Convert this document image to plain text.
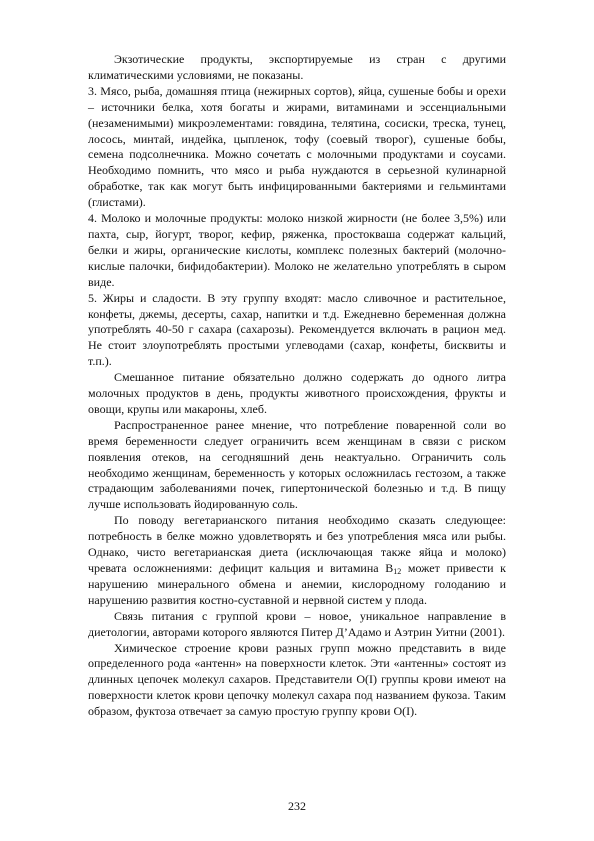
Экзотические продукты, экспортируемые из стран с другими климатическими условиями, не показаны.

3. Мясо, рыба, домашняя птица (нежирных сортов), яйца, сушеные бобы и орехи – источники белка, хотя богаты и жирами, витаминами и эссенциальными (незаменимыми) микроэлементами: говядина, телятина, сосиски, треска, тунец, лосось, минтай, индейка, цыпленок, тофу (соевый творог), сушеные бобы, семена подсолнечника. Можно сочетать с молочными продуктами и соусами. Необходимо помнить, что мясо и рыба нуждаются в серьезной кулинарной обработке, так как могут быть инфицированными бактериями и гельминтами (глистами).

4. Молоко и молочные продукты: молоко низкой жирности (не более 3,5%) или пахта, сыр, йогурт, творог, кефир, ряженка, простокваша содержат кальций, белки и жиры, органические кислоты, комплекс полезных бактерий (молочно-кислые палочки, бифидобактерии). Молоко не желательно употреблять в сыром виде.

5. Жиры и сладости. В эту группу входят: масло сливочное и растительное, конфеты, джемы, десерты, сахар, напитки и т.д. Ежедневно беременная должна употреблять 40-50 г сахара (сахарозы). Рекомендуется включать в рацион мед. Не стоит злоупотреблять простыми углеводами (сахар, конфеты, бисквиты и т.п.).

Смешанное питание обязательно должно содержать до одного литра молочных продуктов в день, продукты животного происхождения, фрукты и овощи, крупы или макароны, хлеб.

Распространенное ранее мнение, что потребление поваренной соли во время беременности следует ограничить всем женщинам в связи с риском появления отеков, на сегодняшний день неактуально. Ограничить соль необходимо женщинам, беременность у которых осложнилась гестозом, а также страдающим заболеваниями почек, гипертонической болезнью и т.д. В пищу лучше использовать йодированную соль.

По поводу вегетарианского питания необходимо сказать следующее: потребность в белке можно удовлетворять и без употребления мяса или рыбы. Однако, чисто вегетарианская диета (исключающая также яйца и молоко) чревата осложнениями: дефицит кальция и витамина $В_{12}$ может привести к нарушению минерального обмена и анемии, кислородному голоданию и нарушению развития костно-суставной и нервной систем у плода.

Связь питания с группой крови – новое, уникальное направление в диетологии, авторами которого являются Питер Д’Адамо и Аэтрин Уитни (2001).

Химическое строение крови разных групп можно представить в виде определенного рода «антенн» на поверхности клеток. Эти «антенны» состоят из длинных цепочек молекул сахаров. Представители О(I) группы крови имеют на поверхности клеток крови цепочку молекул сахара под названием фукоза. Таким образом, фуктоза отвечает за самую простую группу крови О(I).

232
